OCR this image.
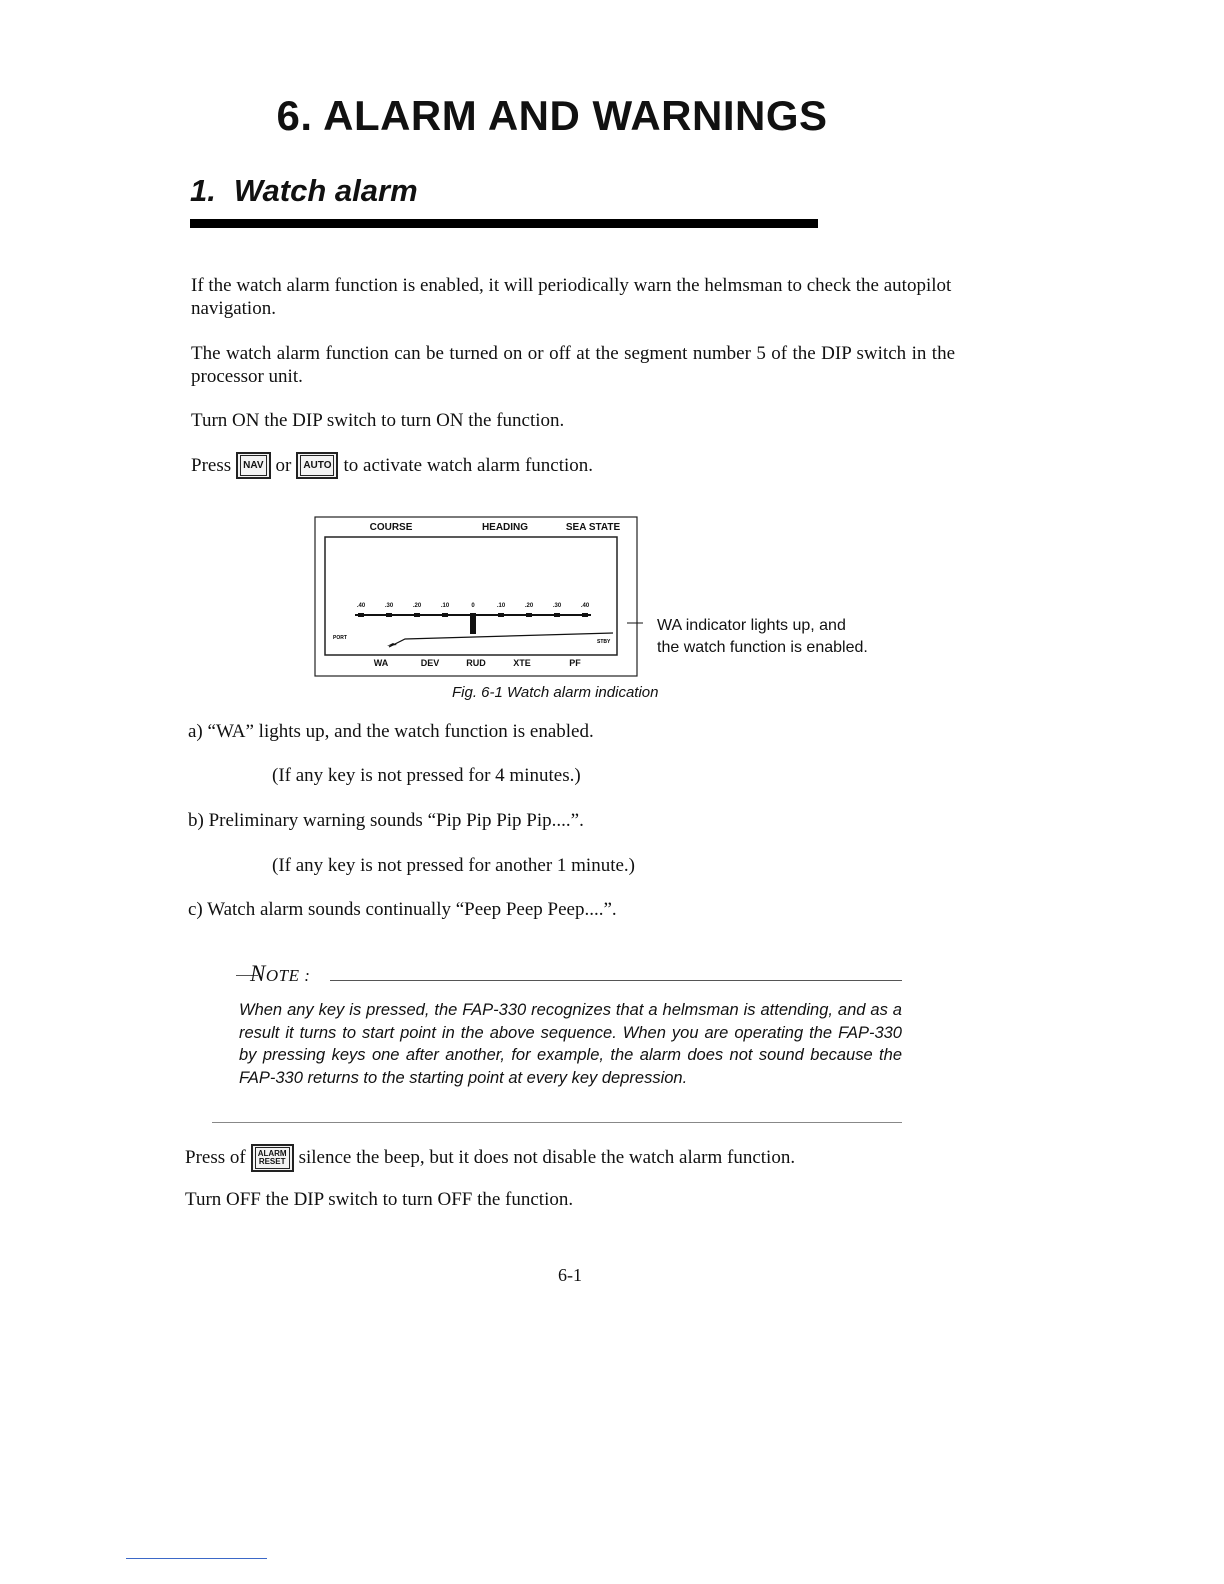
6. ALARM AND WARNINGS
1. Watch alarm
If the watch alarm function is enabled, it will periodically warn the helmsman to check the autopilot navigation.
The watch alarm function can be turned on or off at the segment number 5 of the DIP switch in the processor unit.
Turn ON the DIP switch to turn ON the function.
Press	NAV or	AUTO to activate watch alarm function.
COURSE	HEADING	SEA STATE
.40	.30	.20	.10	0	.10	.20	.30	.40
PORT
STBY
WA	DEV	RUD	XTE	PF
WA indicator lights up, and
the watch function is enabled.
Fig. 6-1 Watch alarm indication
a) “WA” lights up, and the watch function is enabled.
(If any key is not pressed for 4 minutes.)
b) Preliminary warning sounds “Pip Pip Pip Pip....”.
(If any key is not pressed for another 1 minute.)
c) Watch alarm sounds continually “Peep Peep Peep....”.
NOTE :
When any key is pressed, the FAP-330 recognizes that a helmsman is attending, and as a result it turns to start point in the above sequence. When you are operating the FAP-330 by pressing keys one after another, for example, the alarm does not sound because the FAP-330 returns to the starting point at every key depression.
Press of	ALARM
RESET silence the beep, but it does not disable the watch alarm function.
Turn OFF the DIP switch to turn OFF the function.
6-1
